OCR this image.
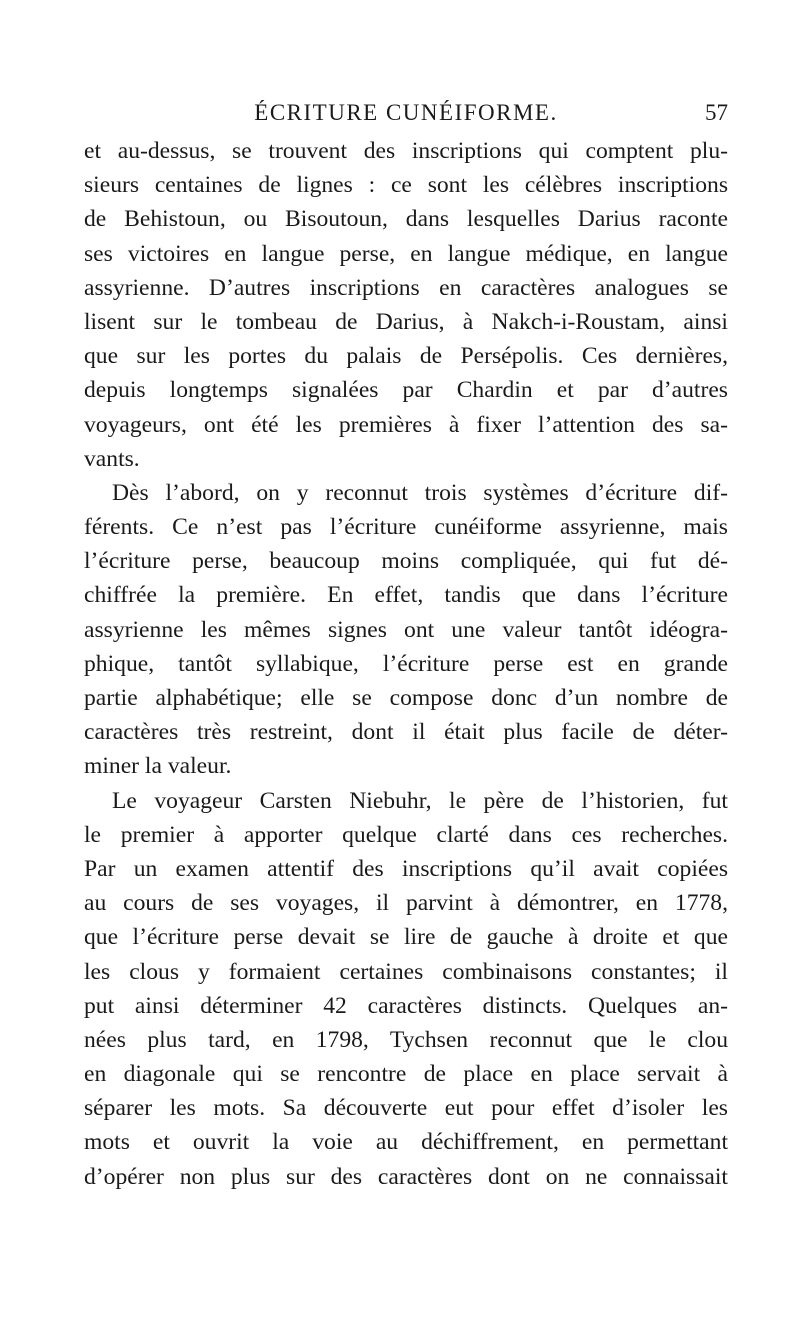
ÉCRITURE CUNÉIFORME.	57
et au-dessus, se trouvent des inscriptions qui comptent plu-
sieurs centaines de lignes : ce sont les célèbres inscriptions
de Behistoun, ou Bisoutoun, dans lesquelles Darius raconte
ses victoires en langue perse, en langue médique, en langue
assyrienne. D’autres inscriptions en caractères analogues se
lisent sur le tombeau de Darius, à Nakch-i-Roustam, ainsi
que sur les portes du palais de Persépolis. Ces dernières,
depuis longtemps signalées par Chardin et par d’autres
voyageurs, ont été les premières à fixer l’attention des sa-
vants.
Dès l’abord, on y reconnut trois systèmes d’écriture dif-
férents. Ce n’est pas l’écriture cunéiforme assyrienne, mais
l’écriture perse, beaucoup moins compliquée, qui fut dé-
chiffrée la première. En effet, tandis que dans l’écriture
assyrienne les mêmes signes ont une valeur tantôt idéogra-
phique, tantôt syllabique, l’écriture perse est en grande
partie alphabétique; elle se compose donc d’un nombre de
caractères très restreint, dont il était plus facile de déter-
miner la valeur.
Le voyageur Carsten Niebuhr, le père de l’historien, fut
le premier à apporter quelque clarté dans ces recherches.
Par un examen attentif des inscriptions qu’il avait copiées
au cours de ses voyages, il parvint à démontrer, en 1778,
que l’écriture perse devait se lire de gauche à droite et que
les clous y formaient certaines combinaisons constantes; il
put ainsi déterminer 42 caractères distincts. Quelques an-
nées plus tard, en 1798, Tychsen reconnut que le clou
en diagonale qui se rencontre de place en place servait à
séparer les mots. Sa découverte eut pour effet d’isoler les
mots et ouvrit la voie au déchiffrement, en permettant
d’opérer non plus sur des caractères dont on ne connaissait
